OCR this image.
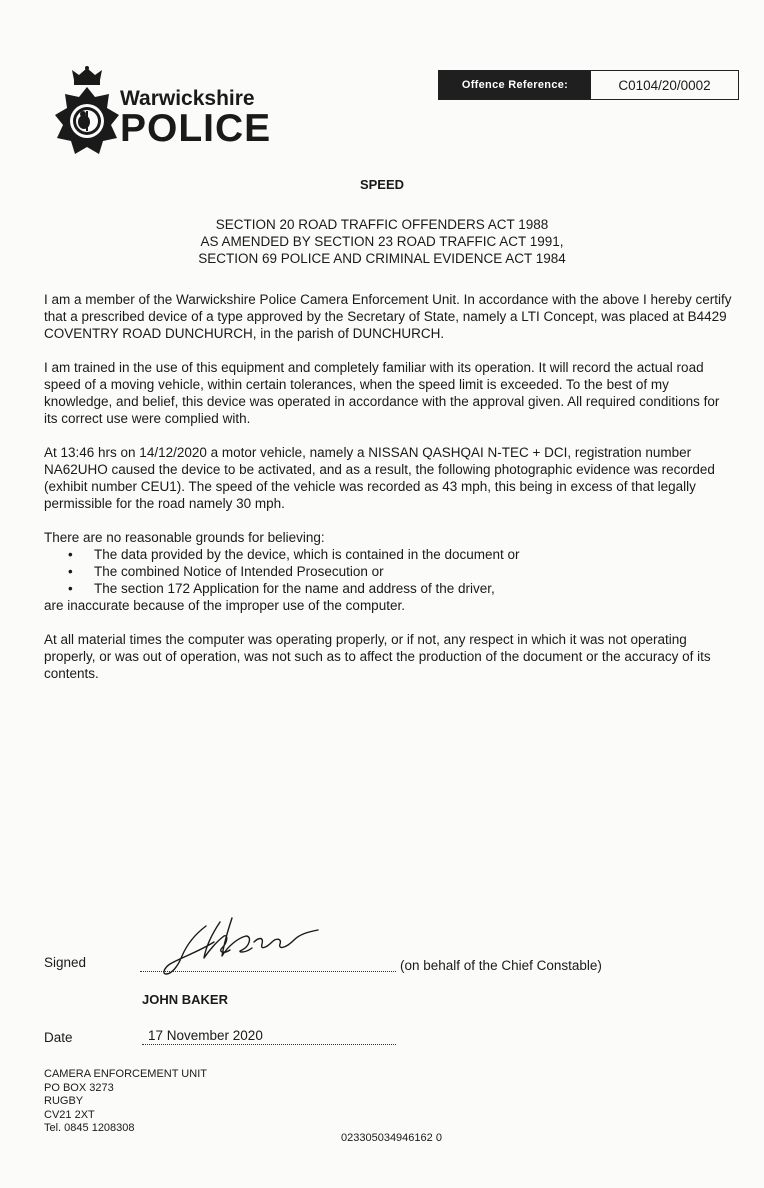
Warwickshire
POLICE
Offence Reference:	C0104/20/0002
SPEED
SECTION 20 ROAD TRAFFIC OFFENDERS ACT 1988
AS AMENDED BY SECTION 23 ROAD TRAFFIC ACT 1991,
SECTION 69 POLICE AND CRIMINAL EVIDENCE ACT 1984

I am a member of the Warwickshire Police Camera Enforcement Unit. In accordance with the above I hereby certify that a prescribed device of a type approved by the Secretary of State, namely a LTI Concept, was placed at B4429 COVENTRY ROAD DUNCHURCH, in the parish of DUNCHURCH.

I am trained in the use of this equipment and completely familiar with its operation. It will record the actual road speed of a moving vehicle, within certain tolerances, when the speed limit is exceeded. To the best of my knowledge, and belief, this device was operated in accordance with the approval given. All required conditions for its correct use were complied with.

At 13:46 hrs on 14/12/2020 a motor vehicle, namely a NISSAN QASHQAI N-TEC + DCI, registration number NA62UHO caused the device to be activated, and as a result, the following photographic evidence was recorded (exhibit number CEU1). The speed of the vehicle was recorded as 43 mph, this being in excess of that legally permissible for the road namely 30 mph.

There are no reasonable grounds for believing:

• The data provided by the device, which is contained in the document or
• The combined Notice of Intended Prosecution or
• The section 172 Application for the name and address of the driver,

are inaccurate because of the improper use of the computer.

At all material times the computer was operating properly, or if not, any respect in which it was not operating properly, or was out of operation, was not such as to affect the production of the document or the accuracy of its contents.

Signed	(on behalf of the Chief Constable)
JOHN BAKER
Date	17 November 2020
CAMERA ENFORCEMENT UNIT
PO BOX 3273
RUGBY
CV21 2XT
Tel. 0845 1208308
023305034946162 0
